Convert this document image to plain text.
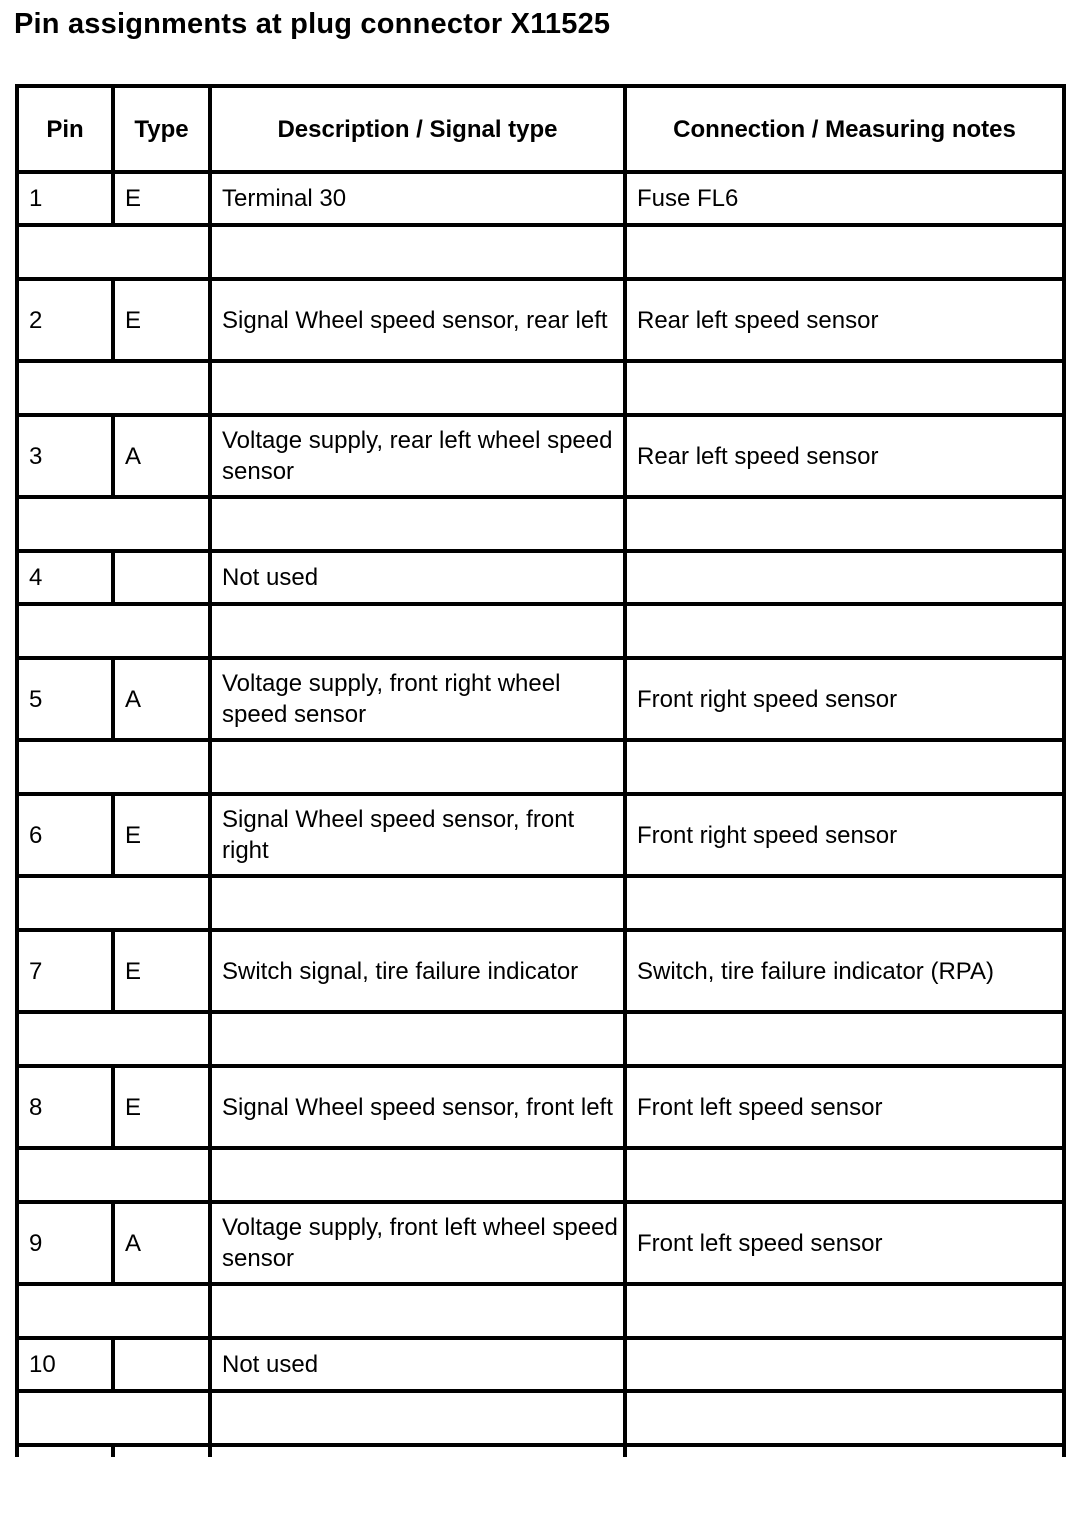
Pin assignments at plug connector X11525
Pin	Type	Description / Signal type	Connection / Measuring notes
1	E	Terminal 30	Fuse FL6

2	E	Signal Wheel speed sensor, rear left	Rear left speed sensor

3	A	Voltage supply, rear left wheel speed sensor	Rear left speed sensor

4		Not used	

5	A	Voltage supply, front right wheel speed sensor	Front right speed sensor

6	E	Signal Wheel speed sensor, front right	Front right speed sensor

7	E	Switch signal, tire failure indicator	Switch, tire failure indicator (RPA)

8	E	Signal Wheel speed sensor, front left	Front left speed sensor

9	A	Voltage supply, front left wheel speed sensor	Front left speed sensor

10		Not used	
